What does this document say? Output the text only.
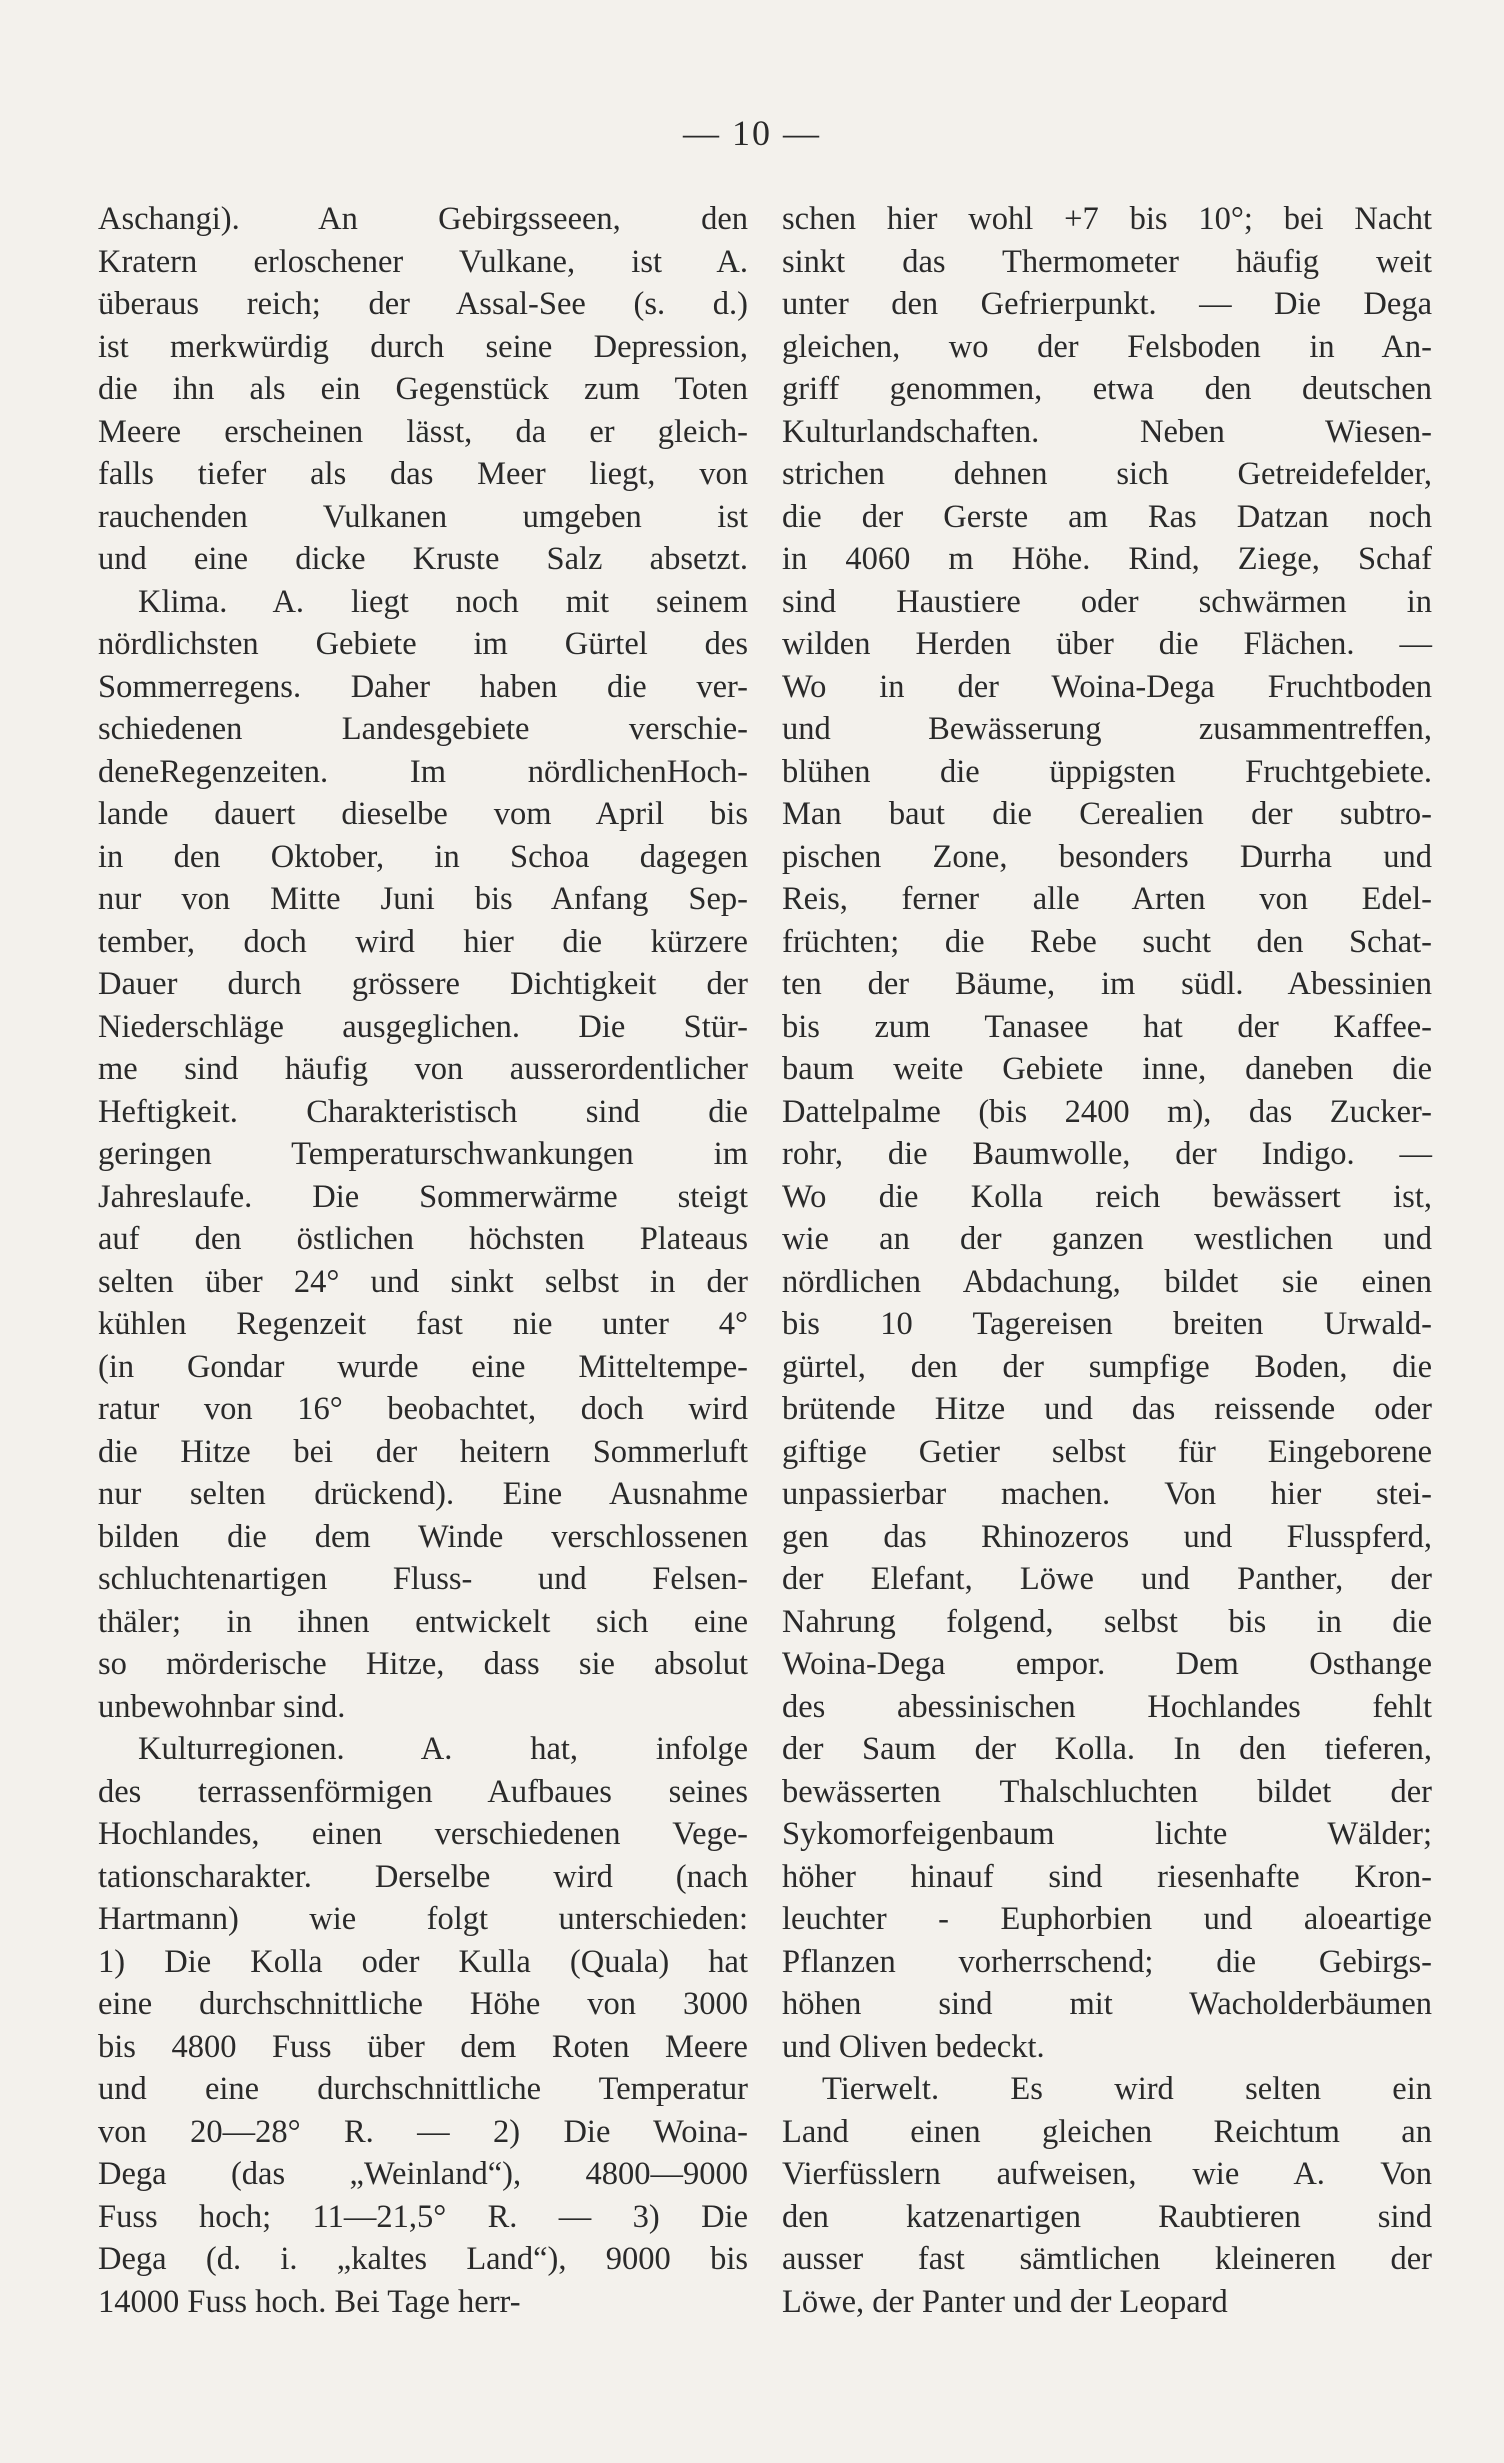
— 10 —
Aschangi). An Gebirgsseeen, den
Kratern erloschener Vulkane, ist A.
überaus reich; der Assal-See (s. d.)
ist merkwürdig durch seine Depression,
die ihn als ein Gegenstück zum Toten
Meere erscheinen lässt, da er gleich-
falls tiefer als das Meer liegt, von
rauchenden Vulkanen umgeben ist
und eine dicke Kruste Salz absetzt.
Klima. A. liegt noch mit seinem
nördlichsten Gebiete im Gürtel des
Sommerregens. Daher haben die ver-
schiedenen Landesgebiete verschie-
deneRegenzeiten. Im nördlichenHoch-
lande dauert dieselbe vom April bis
in den Oktober, in Schoa dagegen
nur von Mitte Juni bis Anfang Sep-
tember, doch wird hier die kürzere
Dauer durch grössere Dichtigkeit der
Niederschläge ausgeglichen. Die Stür-
me sind häufig von ausserordentlicher
Heftigkeit. Charakteristisch sind die
geringen Temperaturschwankungen im
Jahreslaufe. Die Sommerwärme steigt
auf den östlichen höchsten Plateaus
selten über 24° und sinkt selbst in der
kühlen Regenzeit fast nie unter 4°
(in Gondar wurde eine Mitteltempe-
ratur von 16° beobachtet, doch wird
die Hitze bei der heitern Sommerluft
nur selten drückend). Eine Ausnahme
bilden die dem Winde verschlossenen
schluchtenartigen Fluss- und Felsen-
thäler; in ihnen entwickelt sich eine
so mörderische Hitze, dass sie absolut
unbewohnbar sind.
Kulturregionen. A. hat, infolge
des terrassenförmigen Aufbaues seines
Hochlandes, einen verschiedenen Vege-
tationscharakter. Derselbe wird (nach
Hartmann) wie folgt unterschieden:
1) Die Kolla oder Kulla (Quala) hat
eine durchschnittliche Höhe von 3000
bis 4800 Fuss über dem Roten Meere
und eine durchschnittliche Temperatur
von 20—28° R. — 2) Die Woina-
Dega (das „Weinland“), 4800—9000
Fuss hoch; 11—21,5° R. — 3) Die
Dega (d. i. „kaltes Land“), 9000 bis
14000 Fuss hoch. Bei Tage herr-
schen hier wohl +7 bis 10°; bei Nacht
sinkt das Thermometer häufig weit
unter den Gefrierpunkt. — Die Dega
gleichen, wo der Felsboden in An-
griff genommen, etwa den deutschen
Kulturlandschaften. Neben Wiesen-
strichen dehnen sich Getreidefelder,
die der Gerste am Ras Datzan noch
in 4060 m Höhe. Rind, Ziege, Schaf
sind Haustiere oder schwärmen in
wilden Herden über die Flächen. —
Wo in der Woina-Dega Fruchtboden
und Bewässerung zusammentreffen,
blühen die üppigsten Fruchtgebiete.
Man baut die Cerealien der subtro-
pischen Zone, besonders Durrha und
Reis, ferner alle Arten von Edel-
früchten; die Rebe sucht den Schat-
ten der Bäume, im südl. Abessinien
bis zum Tanasee hat der Kaffee-
baum weite Gebiete inne, daneben die
Dattelpalme (bis 2400 m), das Zucker-
rohr, die Baumwolle, der Indigo. —
Wo die Kolla reich bewässert ist,
wie an der ganzen westlichen und
nördlichen Abdachung, bildet sie einen
bis 10 Tagereisen breiten Urwald-
gürtel, den der sumpfige Boden, die
brütende Hitze und das reissende oder
giftige Getier selbst für Eingeborene
unpassierbar machen. Von hier stei-
gen das Rhinozeros und Flusspferd,
der Elefant, Löwe und Panther, der
Nahrung folgend, selbst bis in die
Woina-Dega empor. Dem Osthange
des abessinischen Hochlandes fehlt
der Saum der Kolla. In den tieferen,
bewässerten Thalschluchten bildet der
Sykomorfeigenbaum lichte Wälder;
höher hinauf sind riesenhafte Kron-
leuchter - Euphorbien und aloeartige
Pflanzen vorherrschend; die Gebirgs-
höhen sind mit Wacholderbäumen
und Oliven bedeckt.
Tierwelt. Es wird selten ein
Land einen gleichen Reichtum an
Vierfüsslern aufweisen, wie A. Von
den katzenartigen Raubtieren sind
ausser fast sämtlichen kleineren der
Löwe, der Panter und der Leopard
